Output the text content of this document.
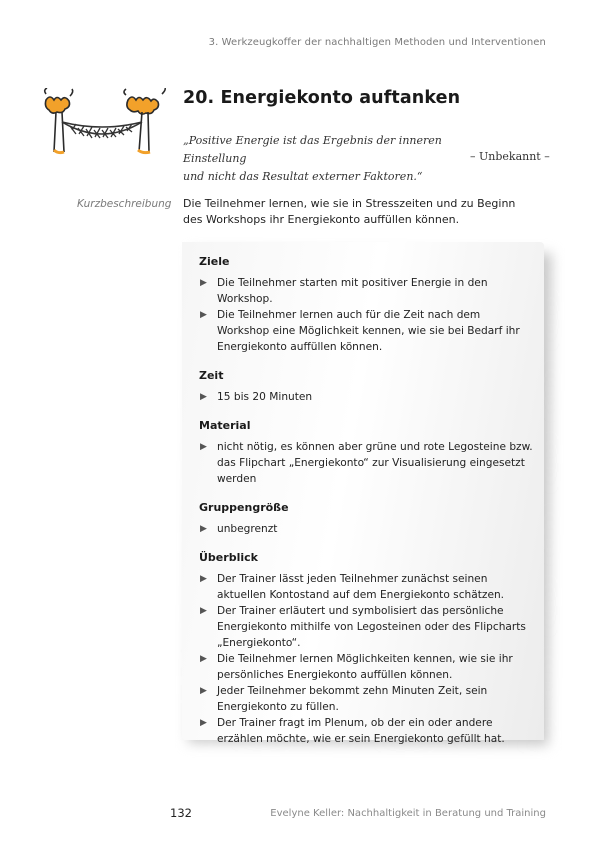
3. Werkzeugkoffer der nachhaltigen Methoden und Interventionen
20. Energiekonto auftanken
„Positive Energie ist das Ergebnis der inneren Einstellung
und nicht das Resultat externer Faktoren.“
– Unbekannt –
Kurzbeschreibung Die Teilnehmer lernen, wie sie in Stresszeiten und zu Beginn des Workshops ihr Energiekonto auffüllen können.
Ziele
▶ Die Teilnehmer starten mit positiver Energie in den Workshop.
▶ Die Teilnehmer lernen auch für die Zeit nach dem Workshop eine Möglichkeit kennen, wie sie bei Bedarf ihr Energiekonto auffüllen können.
Zeit
▶ 15 bis 20 Minuten
Material
▶ nicht nötig, es können aber grüne und rote Legosteine bzw. das Flipchart „Energiekonto“ zur Visualisierung eingesetzt werden
Gruppengröße
▶ unbegrenzt
Überblick
▶ Der Trainer lässt jeden Teilnehmer zunächst seinen aktuellen Kontostand auf dem Energiekonto schätzen.
▶ Der Trainer erläutert und symbolisiert das persönliche Energiekonto mithilfe von Legosteinen oder des Flipcharts „Energiekonto“.
▶ Die Teilnehmer lernen Möglichkeiten kennen, wie sie ihr persönliches Energiekonto auffüllen können.
▶ Jeder Teilnehmer bekommt zehn Minuten Zeit, sein Energiekonto zu füllen.
▶ Der Trainer fragt im Plenum, ob der ein oder andere erzählen möchte, wie er sein Energiekonto gefüllt hat.
132	Evelyne Keller: Nachhaltigkeit in Beratung und Training
